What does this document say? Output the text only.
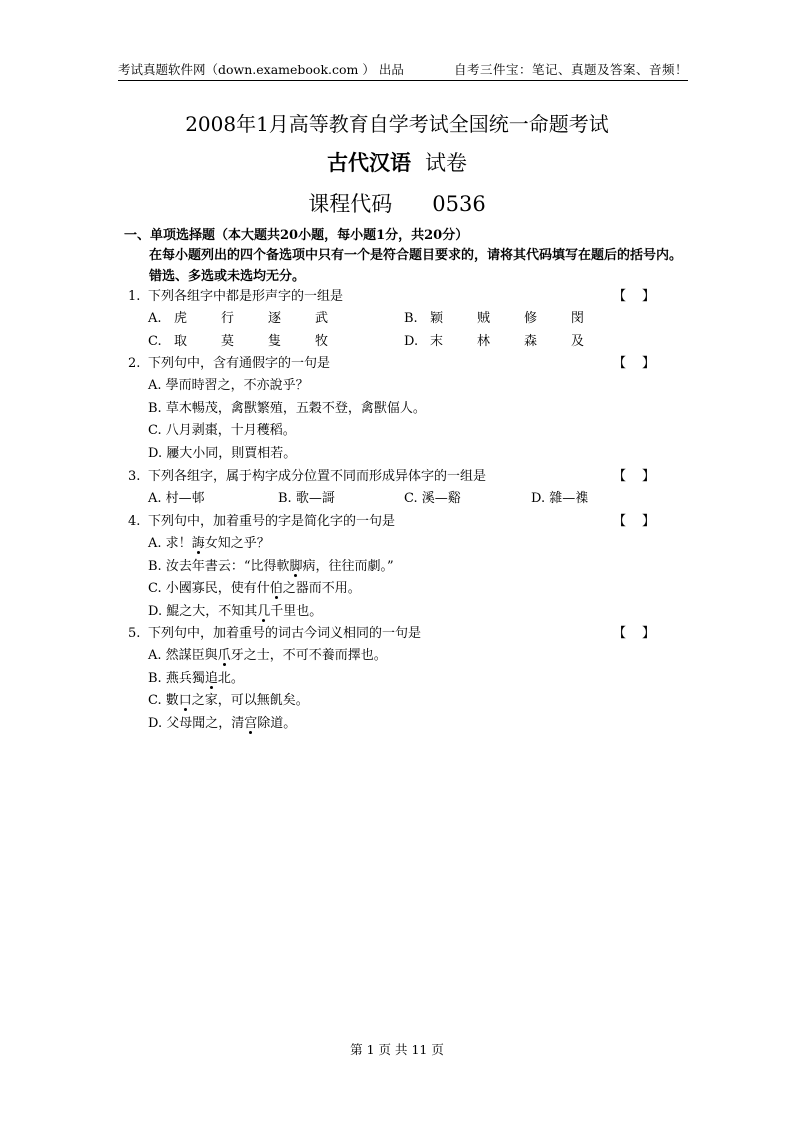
考试真题软件网（down.examebook.com ） 出品	自考三件宝：笔记、真题及答案、音频！
2008年1月高等教育自学考试全国统一命题考试
古代汉语 试卷
课程代码 0536
一、单项选择题（本大题共20小题，每小题1分，共20分）
在每小题列出的四个备选项中只有一个是符合题目要求的，请将其代码填写在题后的括号内。错选、多选或未选均无分。
1. 下列各组字中都是形声字的一组是	【 】
A. 虎	行	逐	武	B. 颖	贼	修	閔
C. 取	莫	隻	牧	D. 末	林	森	及
2. 下列句中，含有通假字的一句是	【 】
A. 學而時習之，不亦說乎？
B. 草木暢茂，禽獸繁殖，五穀不登，禽獸偪人。
C. 八月剥棗，十月穫稻。
D. 屨大小同，則賈相若。
3. 下列各组字，属于构字成分位置不同而形成异体字的一组是	【 】
A. 村—邨	B. 歌—謌	C. 溪—谿	D. 雜—襍
4. 下列句中，加着重号的字是简化字的一句是	【 】
A. 求！誨女知之乎？
B. 汝去年書云：“比得軟脚病，往往而劇。”
C. 小國寡民，使有什伯之器而不用。
D. 鯤之大，不知其几千里也。
5. 下列句中，加着重号的词古今词义相同的一句是	【 】
A. 然謀臣與爪牙之士，不可不養而擇也。
B. 燕兵獨追北。
C. 數口之家，可以無飢矣。
D. 父母聞之，清宫除道。
第 1 页 共 11 页
